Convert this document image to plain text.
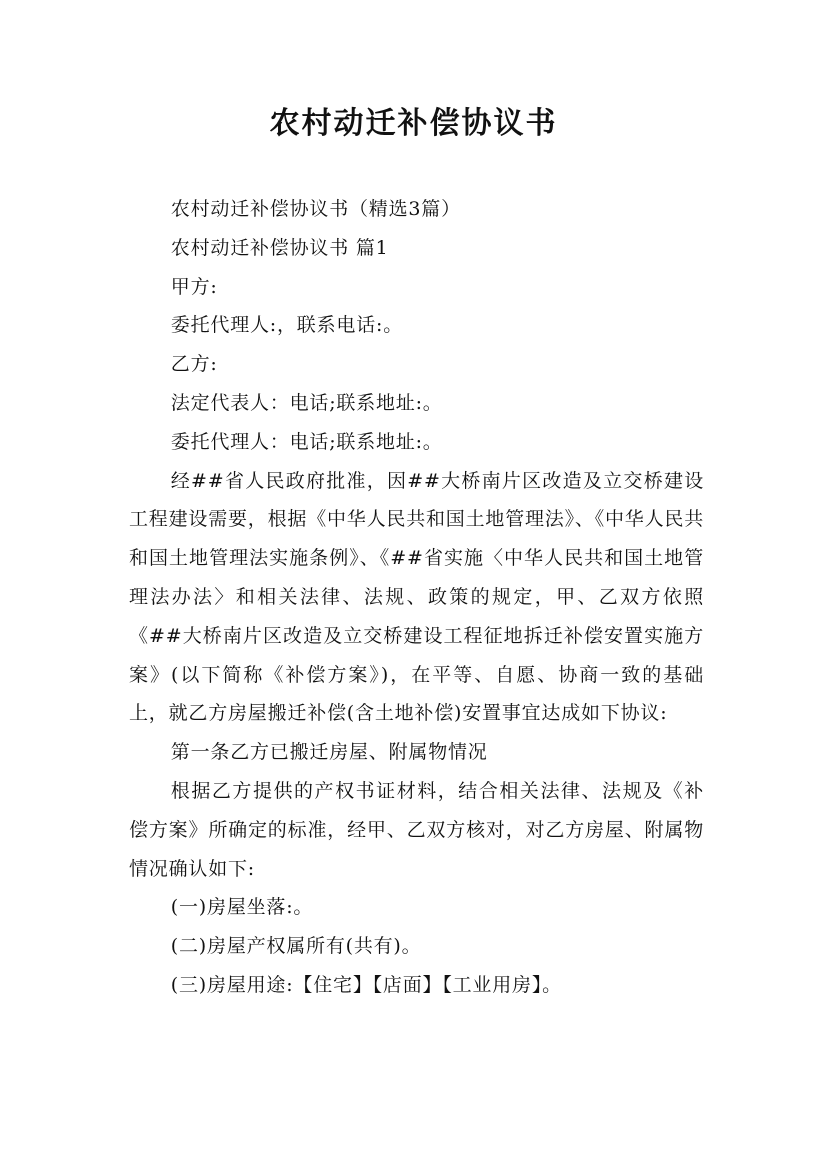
农村动迁补偿协议书

农村动迁补偿协议书（精选3篇）

农村动迁补偿协议书 篇1

甲方:

委托代理人:，联系电话:。

乙方:

法定代表人：电话;联系地址:。

委托代理人：电话;联系地址:。

经##省人民政府批准，因##大桥南片区改造及立交桥建设工程建设需要，根据《中华人民共和国土地管理法》、《中华人民共和国土地管理法实施条例》、《##省实施〈中华人民共和国土地管理法办法〉和相关法律、法规、政策的规定，甲、乙双方依照《##大桥南片区改造及立交桥建设工程征地拆迁补偿安置实施方案》(以下简称《补偿方案》)，在平等、自愿、协商一致的基础上，就乙方房屋搬迁补偿(含土地补偿)安置事宜达成如下协议:

第一条乙方已搬迁房屋、附属物情况

根据乙方提供的产权书证材料，结合相关法律、法规及《补偿方案》所确定的标准，经甲、乙双方核对，对乙方房屋、附属物情况确认如下:

(一)房屋坐落:。

(二)房屋产权属所有(共有)。

(三)房屋用途:【住宅】【店面】【工业用房】。
